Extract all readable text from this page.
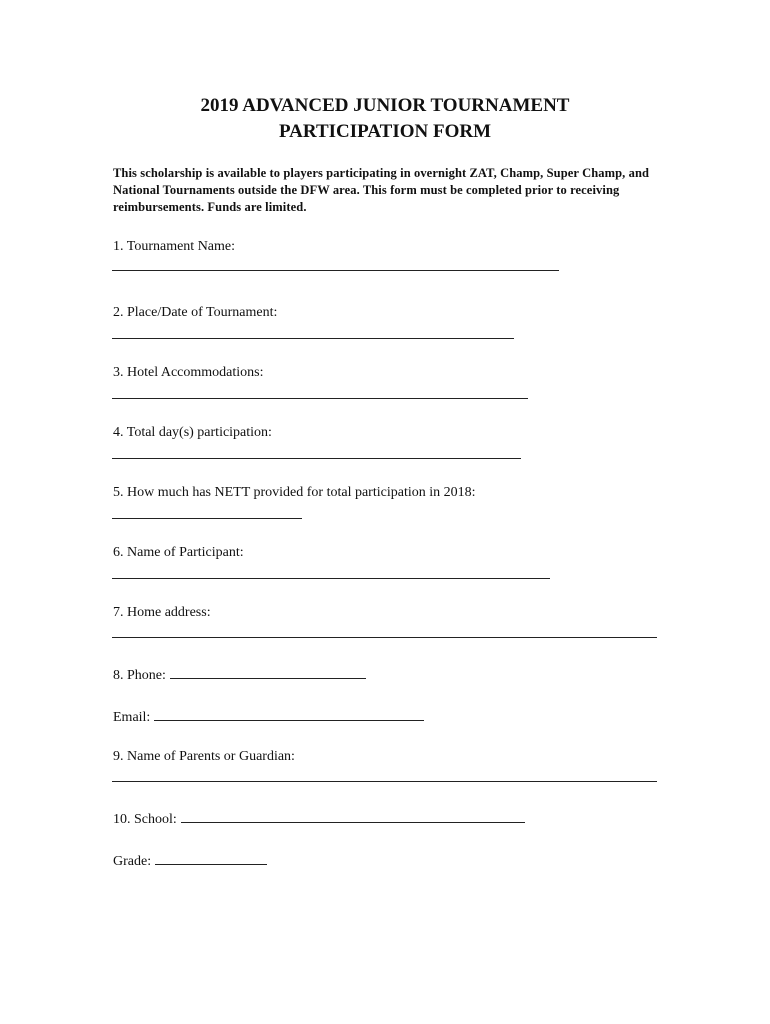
2019 ADVANCED JUNIOR TOURNAMENT
PARTICIPATION FORM

This scholarship is available to players participating in overnight ZAT, Champ, Super Champ, and National Tournaments outside the DFW area. This form must be completed prior to receiving reimbursements. Funds are limited.

1. Tournament Name:

2. Place/Date of Tournament:

3. Hotel Accommodations:

4. Total day(s) participation:

5. How much has NETT provided for total participation in 2018:

6. Name of Participant:

7. Home address:

8. Phone:

Email:

9. Name of Parents or Guardian:

10. School:

Grade:
